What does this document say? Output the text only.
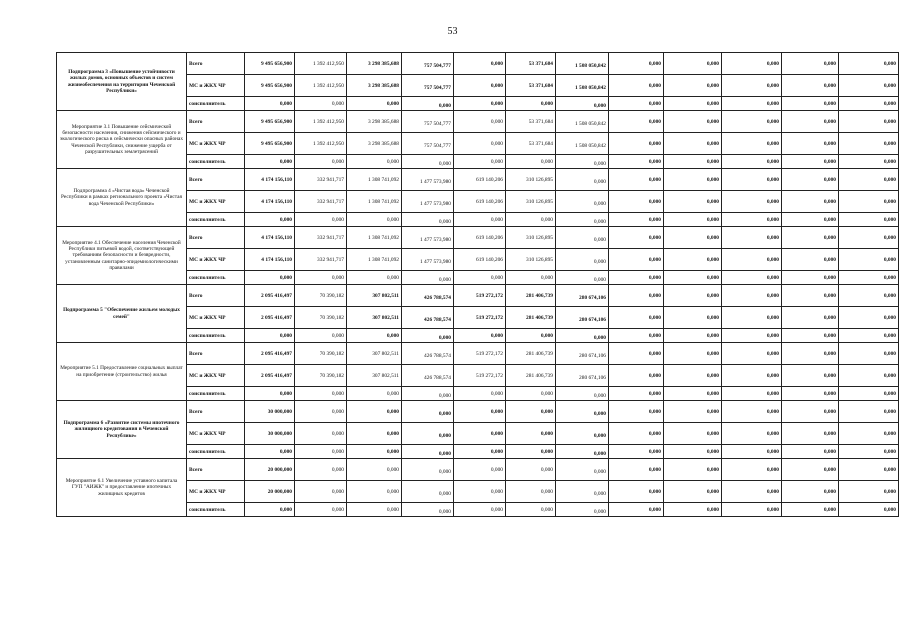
53
Подпрограмма 3 «Повышение устойчивости жилых домов, основных объектов и систем жизнеобеспечения на территории Чеченской Республики»	Всего	9 495 656,900	1 392 412,950	3 298 385,688	757 504,777	0,000	53 371,684	1 508 050,842	0,000	0,000	0,000	0,000	0,000
	МС и ЖКХ ЧР	9 495 656,900	1 392 412,950	3 298 385,688	757 504,777	0,000	53 371,684	1 508 050,842	0,000	0,000	0,000	0,000	0,000
	соисполнитель	0,000	0,000	0,000	0,000	0,000	0,000	0,000	0,000	0,000	0,000	0,000	0,000
Мероприятие 3.1 Повышение сейсмической безопасности населения, снижения сейсмического и экологического риска в сейсмически опасных районах Чеченской Республики, снижение ущерба от разрушительных землетрясений	Всего	9 495 656,900	1 392 412,950	3 298 385,688	757 504,777	0,000	53 371,684	1 508 050,842	0,000	0,000	0,000	0,000	0,000
	МС и ЖКХ ЧР	9 495 656,900	1 392 412,950	3 298 385,688	757 504,777	0,000	53 371,684	1 508 050,842	0,000	0,000	0,000	0,000	0,000
	соисполнитель	0,000	0,000	0,000	0,000	0,000	0,000	0,000	0,000	0,000	0,000	0,000	0,000
Подпрограмма 4 «Чистая вода» Чеченской Республики в рамках регионального проекта «Чистая вода Чеченской Республики»	Всего	4 174 156,110	332 941,717	1 308 741,092	1 477 573,980	619 140,206	310 126,895	0,000	0,000	0,000	0,000	0,000	0,000
	МС и ЖКХ ЧР	4 174 156,110	332 941,717	1 308 741,092	1 477 573,980	619 140,206	310 126,895	0,000	0,000	0,000	0,000	0,000	0,000
	соисполнитель	0,000	0,000	0,000	0,000	0,000	0,000	0,000	0,000	0,000	0,000	0,000	0,000
Мероприятие 4.1 Обеспечение населения Чеченской Республики питьевой водой, соответствующей требованиям безопасности и безвредности, установленным санитарно-эпидемиологическими правилами	Всего	4 174 156,110	332 941,717	1 308 741,092	1 477 573,980	619 140,206	310 126,895	0,000	0,000	0,000	0,000	0,000	0,000
	МС и ЖКХ ЧР	4 174 156,110	332 941,717	1 308 741,092	1 477 573,980	619 140,206	310 126,895	0,000	0,000	0,000	0,000	0,000	0,000
	соисполнитель	0,000	0,000	0,000	0,000	0,000	0,000	0,000	0,000	0,000	0,000	0,000	0,000
Подпрограмма 5 "Обеспечение жильем молодых семей"	Всего	2 095 416,497	70 390,182	307 802,511	426 788,574	519 272,172	281 406,739	280 674,106	0,000	0,000	0,000	0,000	0,000
	МС и ЖКХ ЧР	2 095 416,497	70 390,182	307 802,511	426 788,574	519 272,172	281 406,739	280 674,106	0,000	0,000	0,000	0,000	0,000
	соисполнитель	0,000	0,000	0,000	0,000	0,000	0,000	0,000	0,000	0,000	0,000	0,000	0,000
Мероприятие 5.1 Предоставление социальных выплат на приобретение (строительство) жилья	Всего	2 095 416,497	70 390,182	307 802,511	426 788,574	519 272,172	281 406,739	280 674,106	0,000	0,000	0,000	0,000	0,000
	МС и ЖКХ ЧР	2 095 416,497	70 390,182	307 802,511	426 788,574	519 272,172	281 406,739	280 674,106	0,000	0,000	0,000	0,000	0,000
	соисполнитель	0,000	0,000	0,000	0,000	0,000	0,000	0,000	0,000	0,000	0,000	0,000	0,000
Подпрограмма 6 «Развитие системы ипотечного жилищного кредитования в Чеченской Республике»	Всего	30 000,000	0,000	0,000	0,000	0,000	0,000	0,000	0,000	0,000	0,000	0,000	0,000
	МС и ЖКХ ЧР	30 000,000	0,000	0,000	0,000	0,000	0,000	0,000	0,000	0,000	0,000	0,000	0,000
	соисполнитель	0,000	0,000	0,000	0,000	0,000	0,000	0,000	0,000	0,000	0,000	0,000	0,000
Мероприятие 6.1 Увеличение уставного капитала ГУП "АИЖК" и предоставление ипотечных жилищных кредитов	Всего	20 000,000	0,000	0,000	0,000	0,000	0,000	0,000	0,000	0,000	0,000	0,000	0,000
	МС и ЖКХ ЧР	20 000,000	0,000	0,000	0,000	0,000	0,000	0,000	0,000	0,000	0,000	0,000	0,000
	соисполнитель	0,000	0,000	0,000	0,000	0,000	0,000	0,000	0,000	0,000	0,000	0,000	0,000
